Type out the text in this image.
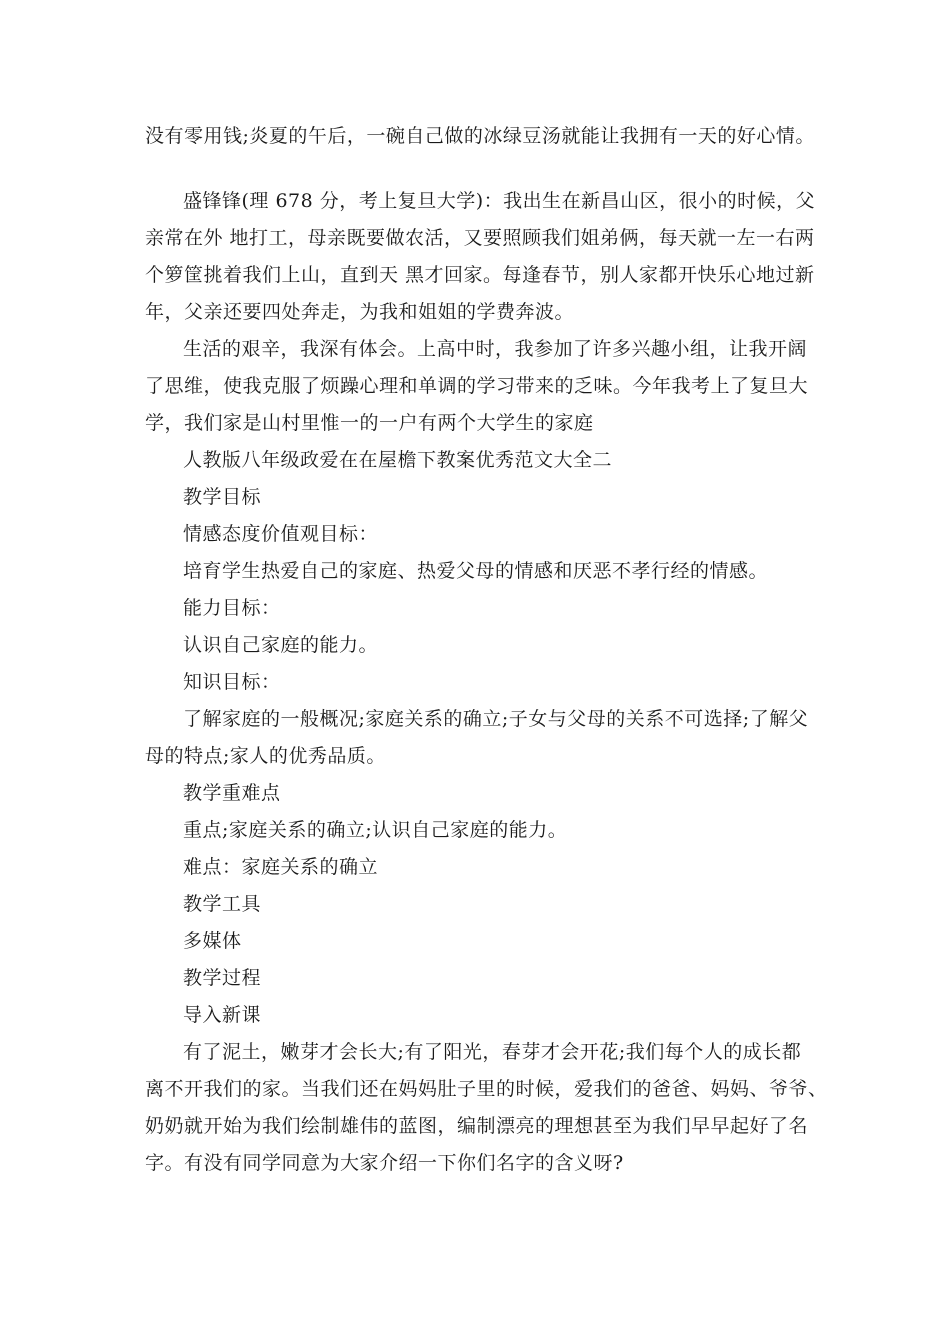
没有零用钱;炎夏的午后，一碗自己做的冰绿豆汤就能让我拥有一天的好心情。
盛锋锋(理 678 分，考上复旦大学)：我出生在新昌山区，很小的时候，父
亲常在外 地打工，母亲既要做农活，又要照顾我们姐弟俩，每天就一左一右两
个箩筐挑着我们上山，直到天 黑才回家。每逢春节，别人家都开快乐心地过新
年，父亲还要四处奔走，为我和姐姐的学费奔波。
生活的艰辛，我深有体会。上高中时，我参加了许多兴趣小组，让我开阔
了思维，使我克服了烦躁心理和单调的学习带来的乏味。今年我考上了复旦大
学，我们家是山村里惟一的一户有两个大学生的家庭
人教版八年级政爱在在屋檐下教案优秀范文大全二
教学目标
情感态度价值观目标：
培育学生热爱自己的家庭、热爱父母的情感和厌恶不孝行经的情感。
能力目标：
认识自己家庭的能力。
知识目标：
了解家庭的一般概况;家庭关系的确立;子女与父母的关系不可选择;了解父
母的特点;家人的优秀品质。
教学重难点
重点;家庭关系的确立;认识自己家庭的能力。
难点：家庭关系的确立
教学工具
多媒体
教学过程
导入新课
有了泥土，嫩芽才会长大;有了阳光，春芽才会开花;我们每个人的成长都
离不开我们的家。当我们还在妈妈肚子里的时候，爱我们的爸爸、妈妈、爷爷、
奶奶就开始为我们绘制雄伟的蓝图，编制漂亮的理想甚至为我们早早起好了名
字。有没有同学同意为大家介绍一下你们名字的含义呀?
